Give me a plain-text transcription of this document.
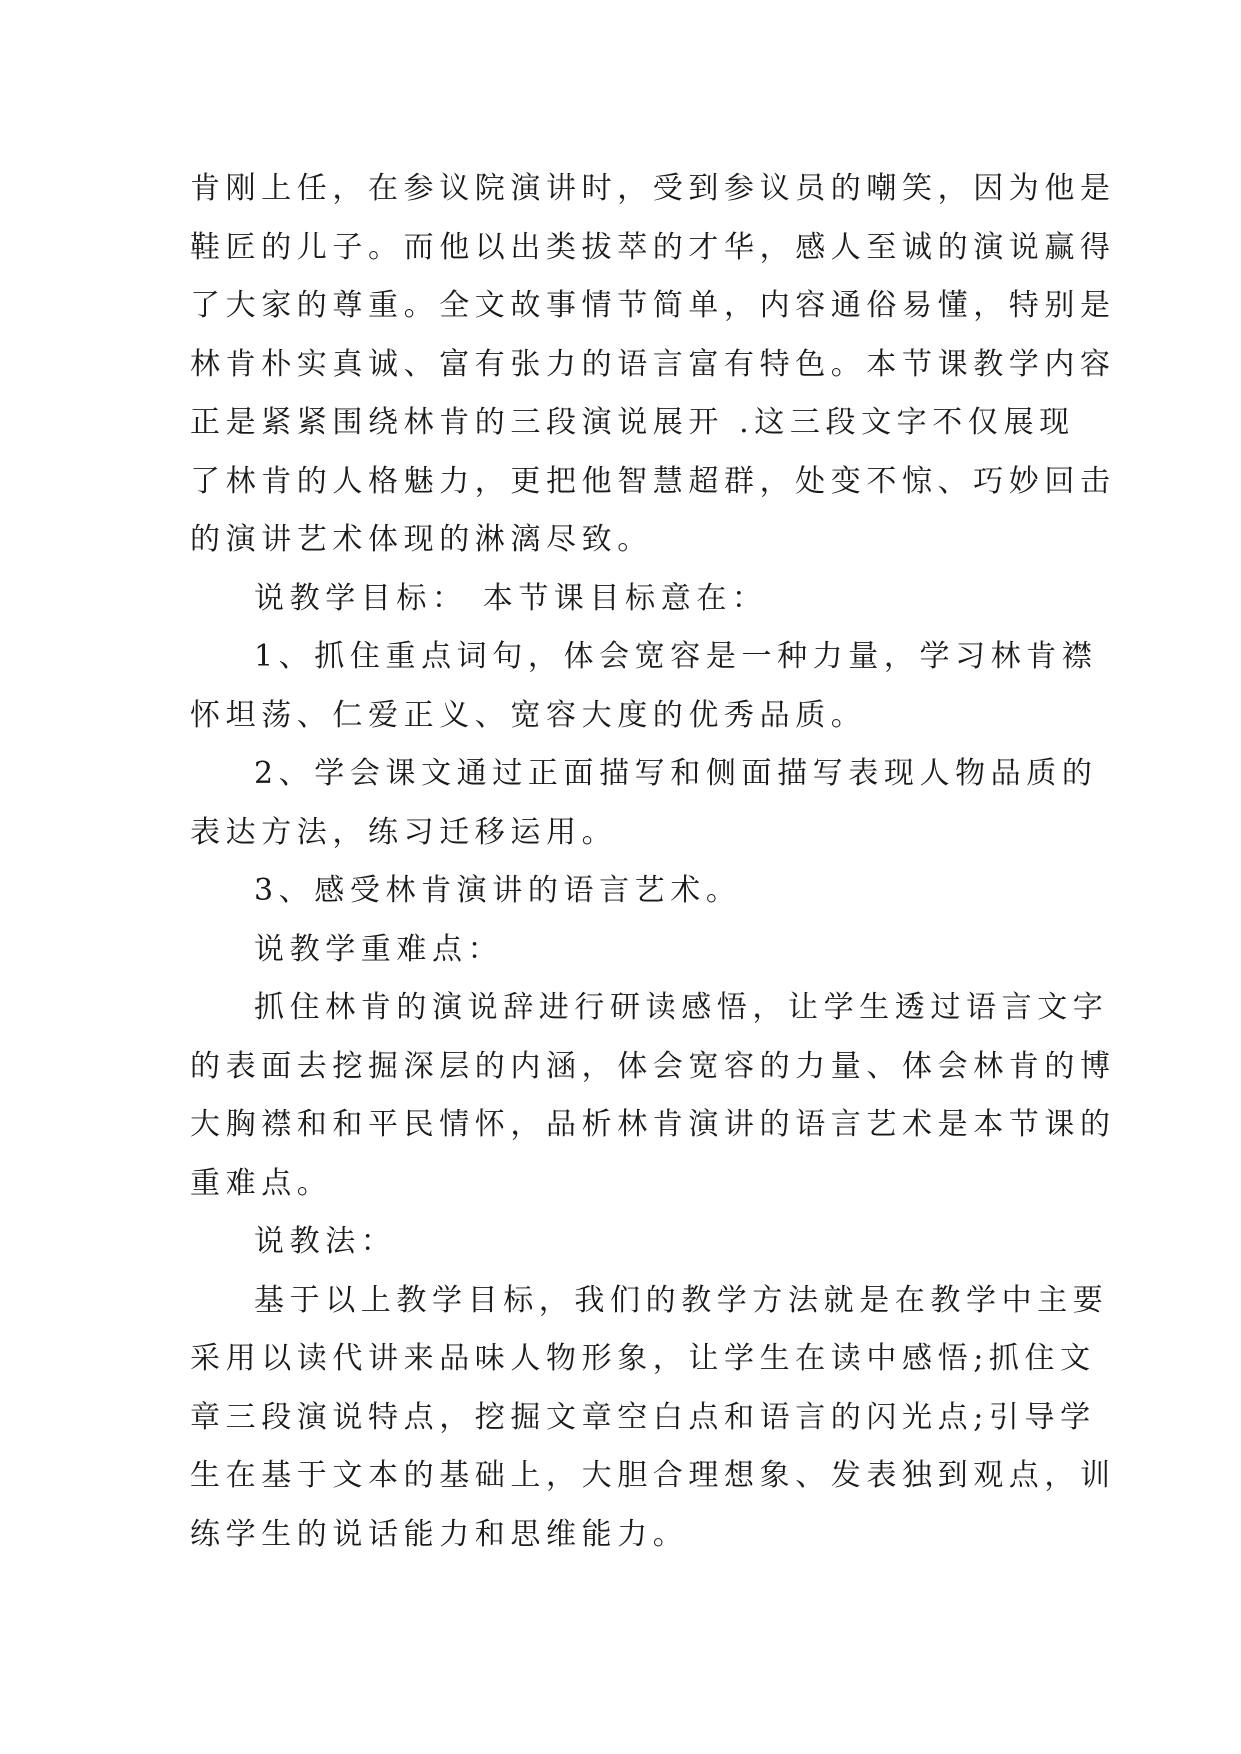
肯刚上任，在参议院演讲时，受到参议员的嘲笑，因为他是
鞋匠的儿子。而他以出类拔萃的才华，感人至诚的演说赢得
了大家的尊重。全文故事情节简单，内容通俗易懂，特别是
林肯朴实真诚、富有张力的语言富有特色。本节课教学内容
正是紧紧围绕林肯的三段演说展开 .这三段文字不仅展现
了林肯的人格魅力，更把他智慧超群，处变不惊、巧妙回击
的演讲艺术体现的淋漓尽致。
说教学目标： 本节课目标意在：
1、抓住重点词句，体会宽容是一种力量，学习林肯襟
怀坦荡、仁爱正义、宽容大度的优秀品质。
2、学会课文通过正面描写和侧面描写表现人物品质的
表达方法，练习迁移运用。
3、感受林肯演讲的语言艺术。
说教学重难点：
抓住林肯的演说辞进行研读感悟，让学生透过语言文字
的表面去挖掘深层的内涵，体会宽容的力量、体会林肯的博
大胸襟和和平民情怀，品析林肯演讲的语言艺术是本节课的
重难点。
说教法：
基于以上教学目标，我们的教学方法就是在教学中主要
采用以读代讲来品味人物形象，让学生在读中感悟;抓住文
章三段演说特点，挖掘文章空白点和语言的闪光点;引导学
生在基于文本的基础上，大胆合理想象、发表独到观点，训
练学生的说话能力和思维能力。
